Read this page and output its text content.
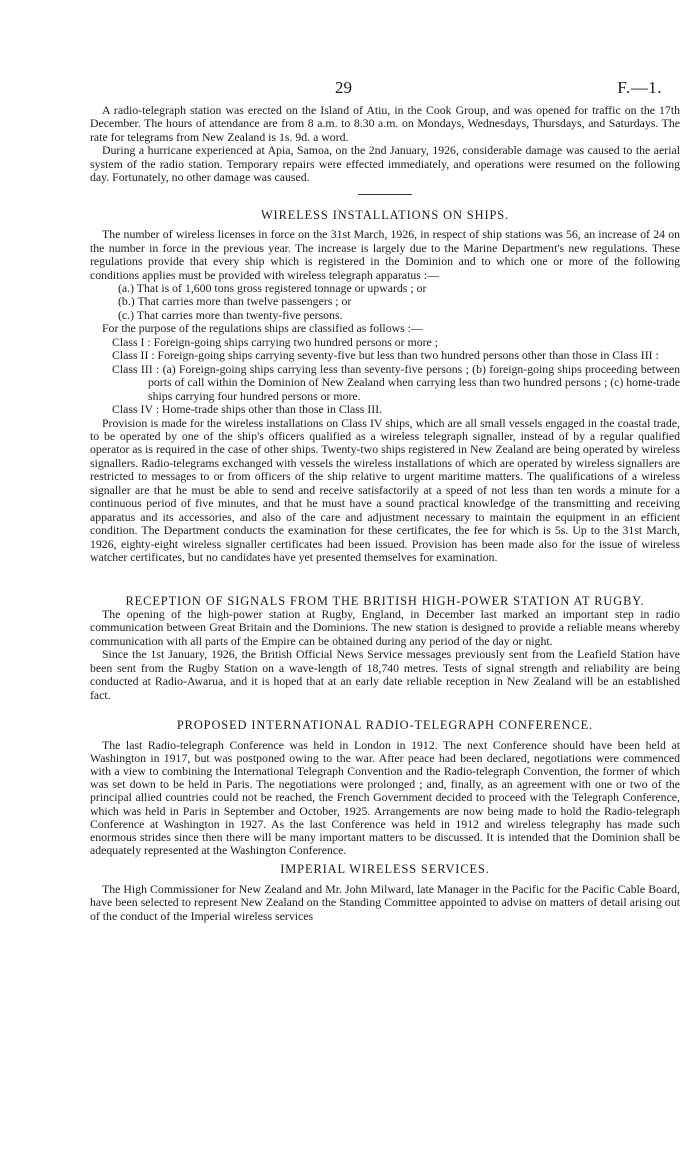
29	F.—1.

A radio-telegraph station was erected on the Island of Atiu, in the Cook Group, and was opened for traffic on the 17th December. The hours of attendance are from 8 a.m. to 8.30 a.m. on Mondays, Wednesdays, Thursdays, and Saturdays. The rate for telegrams from New Zealand is 1s. 9d. a word.

During a hurricane experienced at Apia, Samoa, on the 2nd January, 1926, considerable damage was caused to the aerial system of the radio station. Temporary repairs were effected immediately, and operations were resumed on the following day. Fortunately, no other damage was caused.

WIRELESS INSTALLATIONS ON SHIPS.

The number of wireless licenses in force on the 31st March, 1926, in respect of ship stations was 56, an increase of 24 on the number in force in the previous year. The increase is largely due to the Marine Department's new regulations. These regulations provide that every ship which is registered in the Dominion and to which one or more of the following conditions applies must be provided with wireless telegraph apparatus :—

(a.) That is of 1,600 tons gross registered tonnage or upwards ; or
(b.) That carries more than twelve passengers ; or
(c.) That carries more than twenty-five persons.

For the purpose of the regulations ships are classified as follows :—

Class I : Foreign-going ships carrying two hundred persons or more ;
Class II : Foreign-going ships carrying seventy-five but less than two hundred persons other than those in Class III :
Class III : (a) Foreign-going ships carrying less than seventy-five persons ; (b) foreign-going ships proceeding between ports of call within the Dominion of New Zealand when carrying less than two hundred persons ; (c) home-trade ships carrying four hundred persons or more.
Class IV : Home-trade ships other than those in Class III.

Provision is made for the wireless installations on Class IV ships, which are all small vessels engaged in the coastal trade, to be operated by one of the ship's officers qualified as a wireless telegraph signaller, instead of by a regular qualified operator as is required in the case of other ships. Twenty-two ships registered in New Zealand are being operated by wireless signallers. Radio-telegrams exchanged with vessels the wireless installations of which are operated by wireless signallers are restricted to messages to or from officers of the ship relative to urgent maritime matters. The qualifications of a wireless signaller are that he must be able to send and receive satisfactorily at a speed of not less than ten words a minute for a continuous period of five minutes, and that he must have a sound practical knowledge of the transmitting and receiving apparatus and its accessories, and also of the care and adjustment necessary to maintain the equipment in an efficient condition. The Department conducts the examination for these certificates, the fee for which is 5s. Up to the 31st March, 1926, eighty-eight wireless signaller certificates had been issued. Provision has been made also for the issue of wireless watcher certificates, but no candidates have yet presented themselves for examination.

RECEPTION OF SIGNALS FROM THE BRITISH HIGH-POWER STATION AT RUGBY.

The opening of the high-power station at Rugby, England, in December last marked an important step in radio communication between Great Britain and the Dominions. The new station is designed to provide a reliable means whereby communication with all parts of the Empire can be obtained during any period of the day or night.

Since the 1st January, 1926, the British Official News Service messages previously sent from the Leafield Station have been sent from the Rugby Station on a wave-length of 18,740 metres. Tests of signal strength and reliability are being conducted at Radio-Awarua, and it is hoped that at an early date reliable reception in New Zealand will be an established fact.

PROPOSED INTERNATIONAL RADIO-TELEGRAPH CONFERENCE.

The last Radio-telegraph Conference was held in London in 1912. The next Conference should have been held at Washington in 1917, but was postponed owing to the war. After peace had been declared, negotiations were commenced with a view to combining the International Telegraph Convention and the Radio-telegraph Convention, the former of which was set down to be held in Paris. The negotiations were prolonged ; and, finally, as an agreement with one or two of the principal allied countries could not be reached, the French Government decided to proceed with the Telegraph Conference, which was held in Paris in September and October, 1925. Arrangements are now being made to hold the Radio-telegraph Conference at Washington in 1927. As the last Conference was held in 1912 and wireless telegraphy has made such enormous strides since then there will be many important matters to be discussed. It is intended that the Dominion shall be adequately represented at the Washington Conference.

IMPERIAL WIRELESS SERVICES.

The High Commissioner for New Zealand and Mr. John Milward, late Manager in the Pacific for the Pacific Cable Board, have been selected to represent New Zealand on the Standing Committee appointed to advise on matters of detail arising out of the conduct of the Imperial wireless services
